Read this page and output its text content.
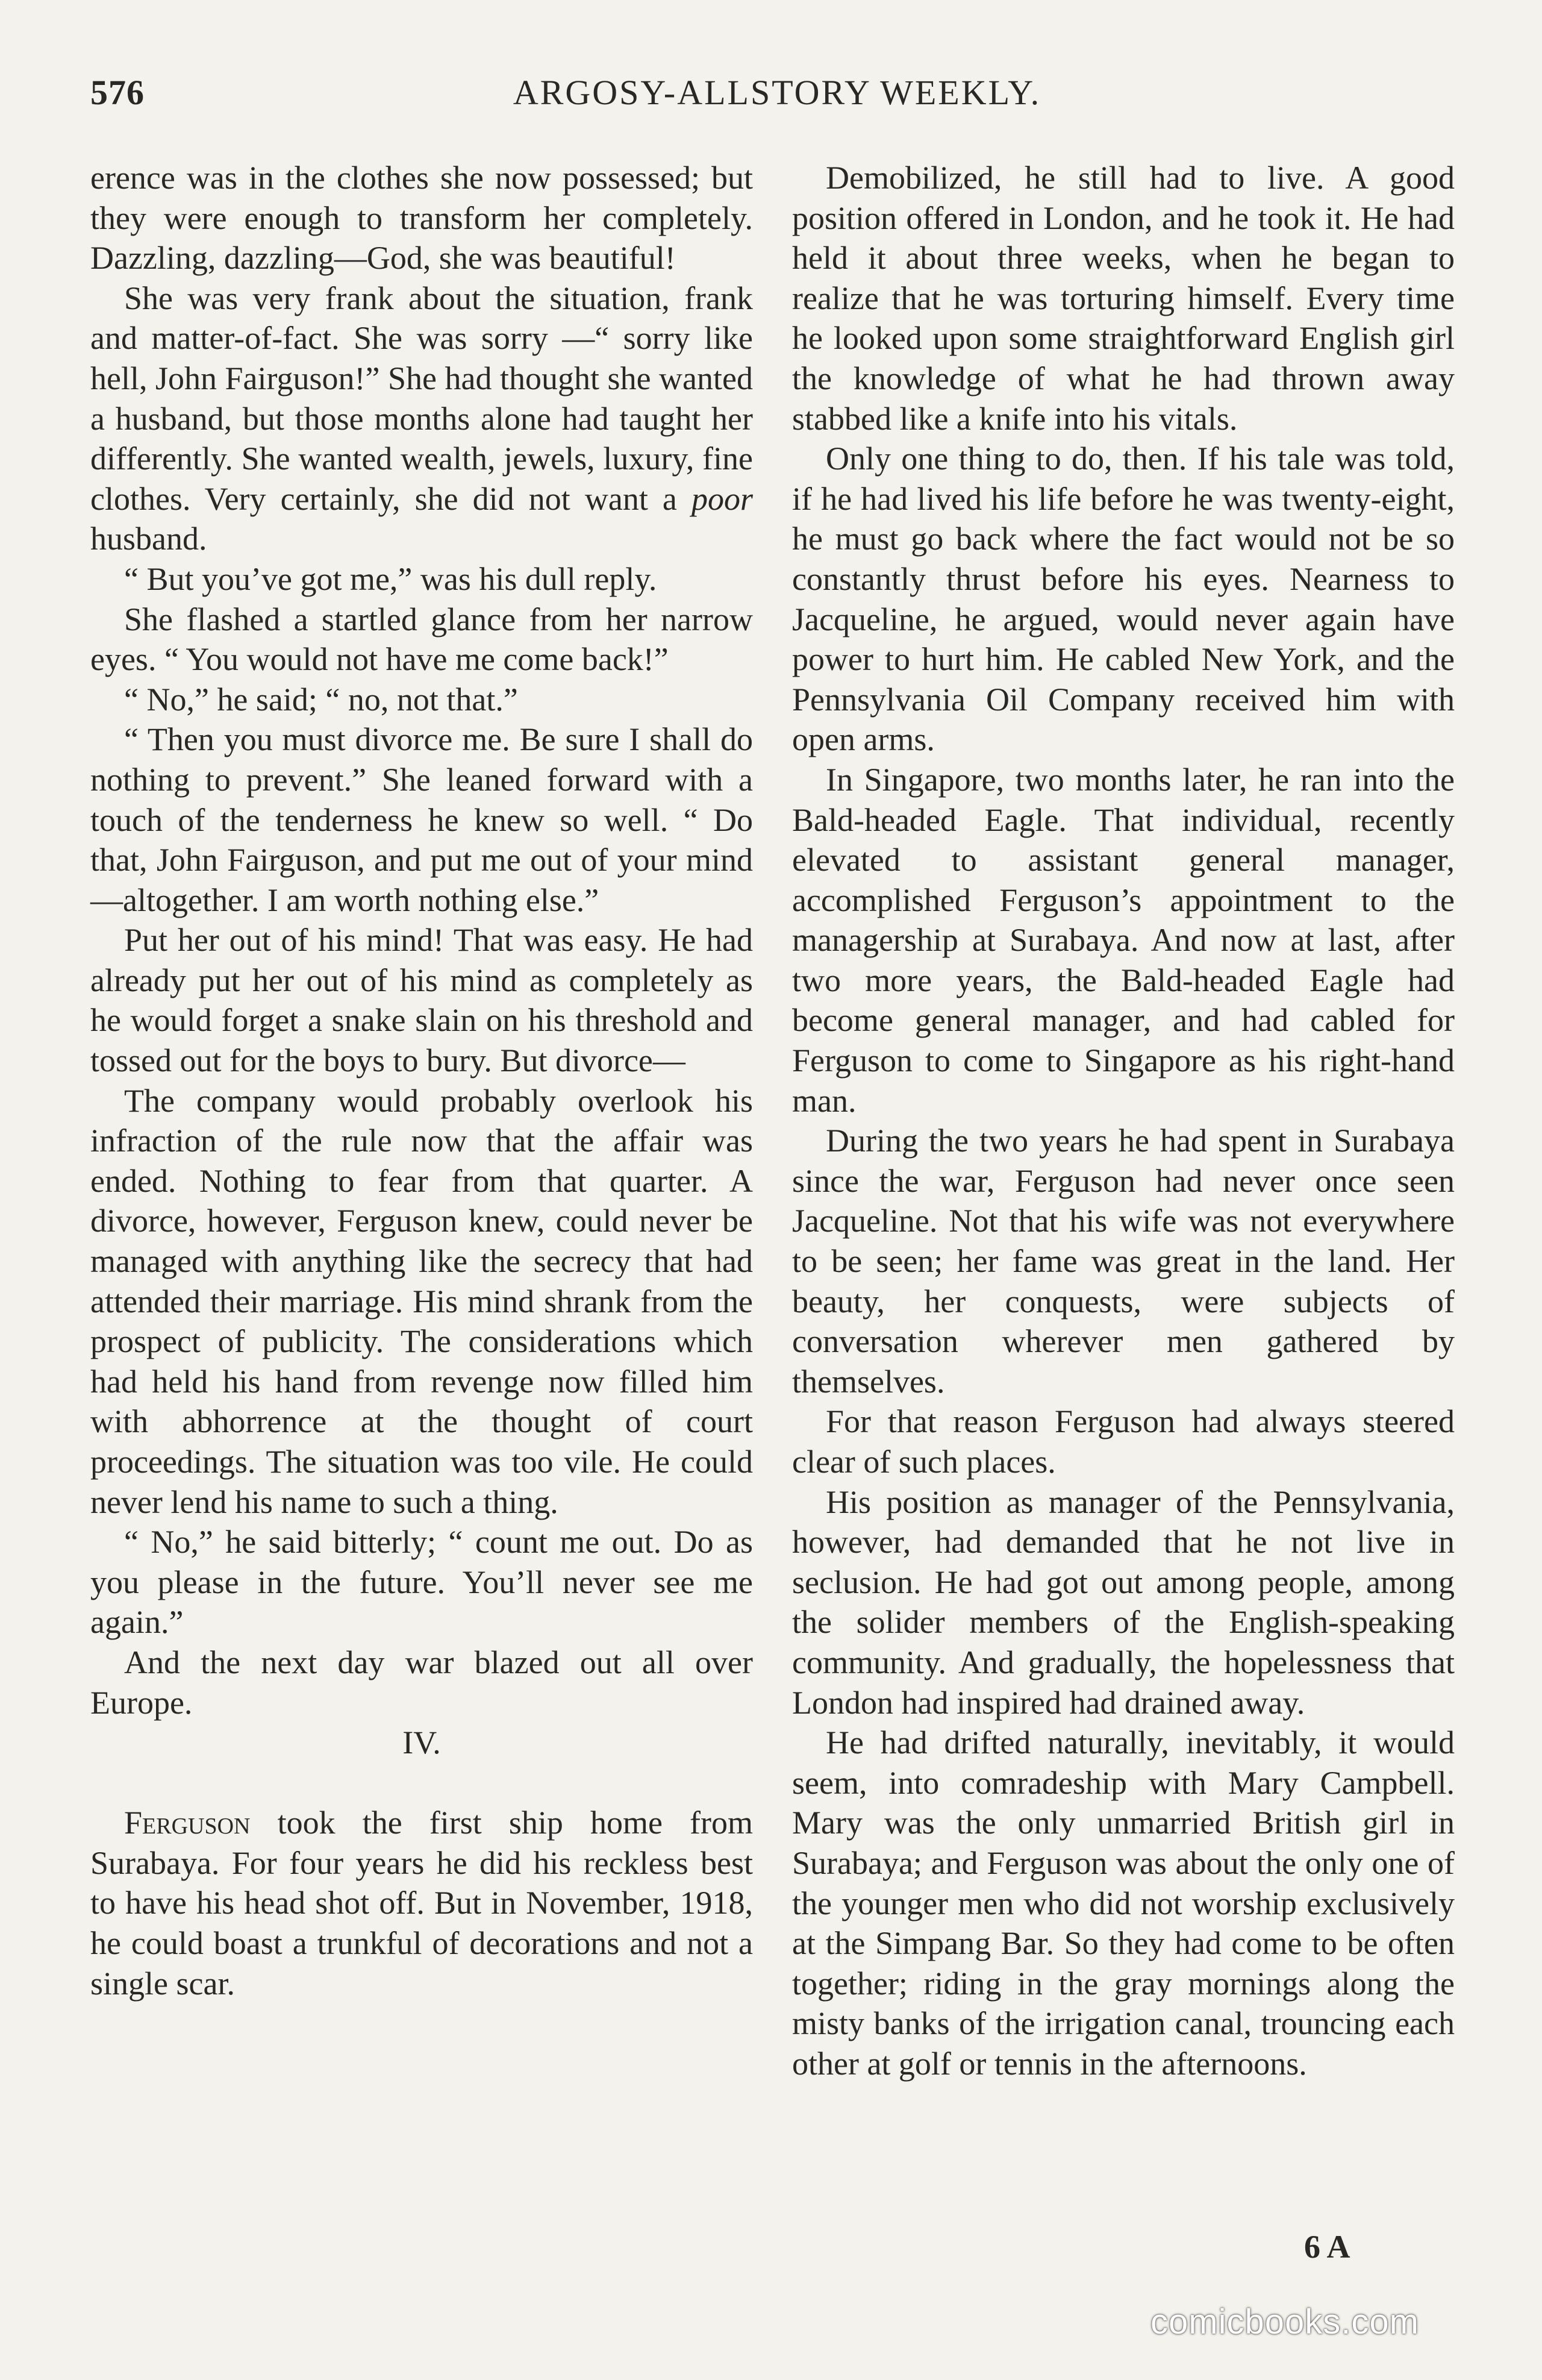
576	ARGOSY-ALLSTORY WEEKLY.

erence was in the clothes she now possessed; but they were enough to transform her completely. Dazzling, dazzling—God, she was beautiful!

She was very frank about the situation, frank and matter-of-fact. She was sorry —“ sorry like hell, John Fairguson!” She had thought she wanted a husband, but those months alone had taught her differently. She wanted wealth, jewels, luxury, fine clothes. Very certainly, she did not want a poor husband.

“ But you’ve got me,” was his dull reply.

She flashed a startled glance from her narrow eyes. “ You would not have me come back!”

“ No,” he said; “ no, not that.”

“ Then you must divorce me. Be sure I shall do nothing to prevent.” She leaned forward with a touch of the tenderness he knew so well. “ Do that, John Fairguson, and put me out of your mind—altogether. I am worth nothing else.”

Put her out of his mind! That was easy. He had already put her out of his mind as completely as he would forget a snake slain on his threshold and tossed out for the boys to bury. But divorce—

The company would probably overlook his infraction of the rule now that the affair was ended. Nothing to fear from that quarter. A divorce, however, Ferguson knew, could never be managed with anything like the secrecy that had attended their marriage. His mind shrank from the prospect of publicity. The considerations which had held his hand from revenge now filled him with abhorrence at the thought of court proceedings. The situation was too vile. He could never lend his name to such a thing.

“ No,” he said bitterly; “ count me out. Do as you please in the future. You’ll never see me again.”

And the next day war blazed out all over Europe.

IV.

Ferguson took the first ship home from Surabaya. For four years he did his reckless best to have his head shot off. But in November, 1918, he could boast a trunkful of decorations and not a single scar.

Demobilized, he still had to live. A good position offered in London, and he took it. He had held it about three weeks, when he began to realize that he was torturing himself. Every time he looked upon some straightforward English girl the knowledge of what he had thrown away stabbed like a knife into his vitals.

Only one thing to do, then. If his tale was told, if he had lived his life before he was twenty-eight, he must go back where the fact would not be so constantly thrust before his eyes. Nearness to Jacqueline, he argued, would never again have power to hurt him. He cabled New York, and the Pennsylvania Oil Company received him with open arms.

In Singapore, two months later, he ran into the Bald-headed Eagle. That individual, recently elevated to assistant general manager, accomplished Ferguson’s appointment to the managership at Surabaya. And now at last, after two more years, the Bald-headed Eagle had become general manager, and had cabled for Ferguson to come to Singapore as his right-hand man.

During the two years he had spent in Surabaya since the war, Ferguson had never once seen Jacqueline. Not that his wife was not everywhere to be seen; her fame was great in the land. Her beauty, her conquests, were subjects of conversation wherever men gathered by themselves.

For that reason Ferguson had always steered clear of such places.

His position as manager of the Pennsylvania, however, had demanded that he not live in seclusion. He had got out among people, among the solider members of the English-speaking community. And gradually, the hopelessness that London had inspired had drained away.

He had drifted naturally, inevitably, it would seem, into comradeship with Mary Campbell. Mary was the only unmarried British girl in Surabaya; and Ferguson was about the only one of the younger men who did not worship exclusively at the Simpang Bar. So they had come to be often together; riding in the gray mornings along the misty banks of the irrigation canal, trouncing each other at golf or tennis in the afternoons.

6 A
comicbooks.com
